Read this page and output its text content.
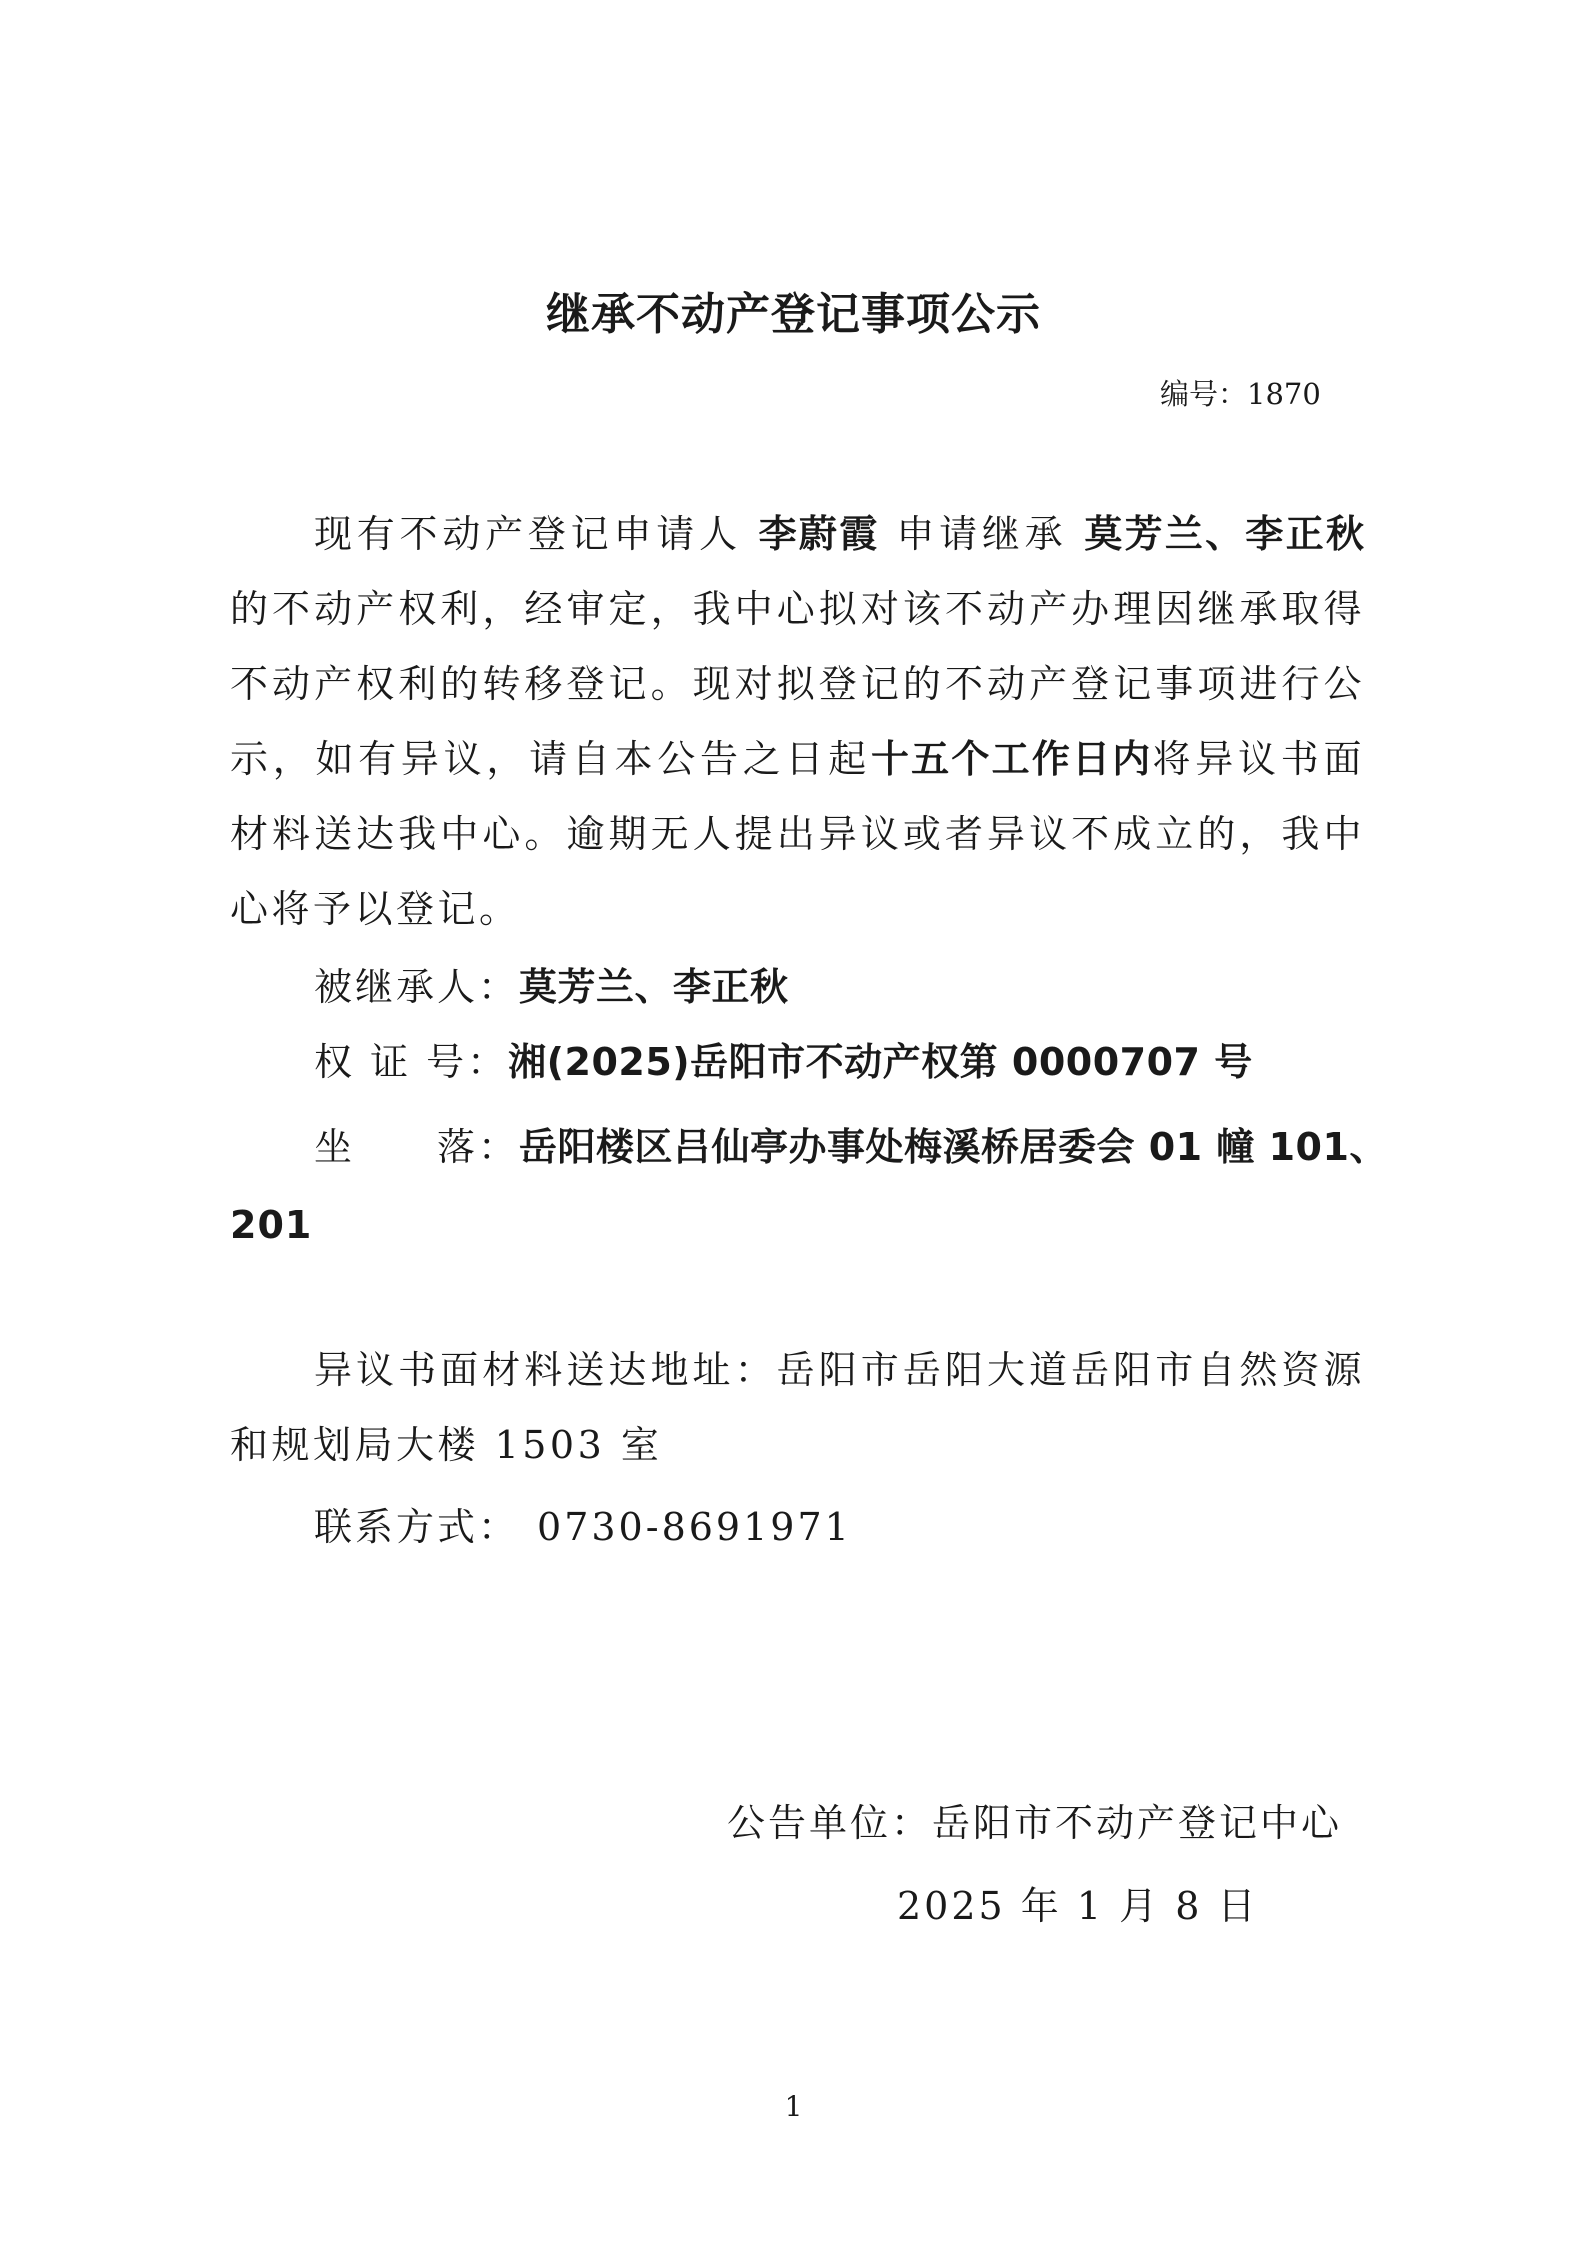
继承不动产登记事项公示
编号：1870
现有不动产登记申请人 李蔚霞 申请继承 莫芳兰、李正秋的不动产权利，经审定，我中心拟对该不动产办理因继承取得不动产权利的转移登记。现对拟登记的不动产登记事项进行公示，如有异议，请自本公告之日起十五个工作日内将异议书面材料送达我中心。逾期无人提出异议或者异议不成立的，我中心将予以登记。
被继承人：莫芳兰、李正秋
权 证 号：湘(2025)岳阳市不动产权第 0000707 号
坐　　落：岳阳楼区吕仙亭办事处梅溪桥居委会 01 幢 101、
201
异议书面材料送达地址：岳阳市岳阳大道岳阳市自然资源和规划局大楼 1503 室
联系方式： 0730-8691971
公告单位：岳阳市不动产登记中心
2025 年 1 月 8 日
1
